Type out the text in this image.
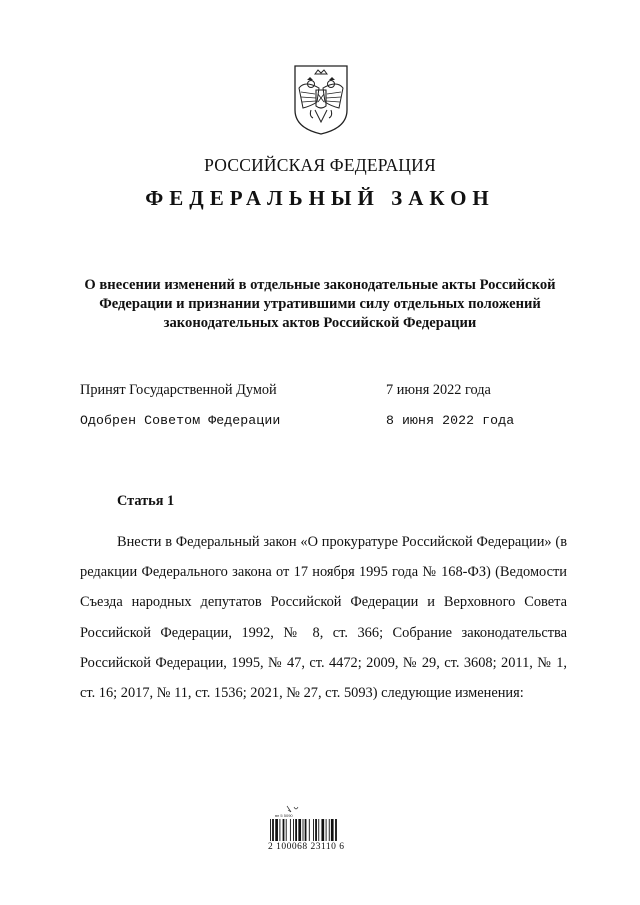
РОССИЙСКАЯ ФЕДЕРАЦИЯ
ФЕДЕРАЛЬНЫЙ ЗАКОН
О внесении изменений в отдельные законодательные акты Российской Федерации и признании утратившими силу отдельных положений законодательных актов Российской Федерации
Принят Государственной Думой	7 июня 2022 года
Одобрен Советом Федерации	8 июня 2022 года
Статья 1

Внести в Федеральный закон «О прокуратуре Российской Федерации» (в редакции Федерального закона от 17 ноября 1995 года № 168-ФЗ) (Ведомости Съезда народных депутатов Российской Федерации и Верховного Совета Российской Федерации, 1992, № 8, ст. 366; Собрание законодательства Российской Федерации, 1995, № 47, ст. 4472; 2009, № 29, ст. 3608; 2011, № 1, ст. 16; 2017, № 11, ст. 1536; 2021, № 27, ст. 5093) следующие изменения:

вп 5 5090
2 100068 23110 6
